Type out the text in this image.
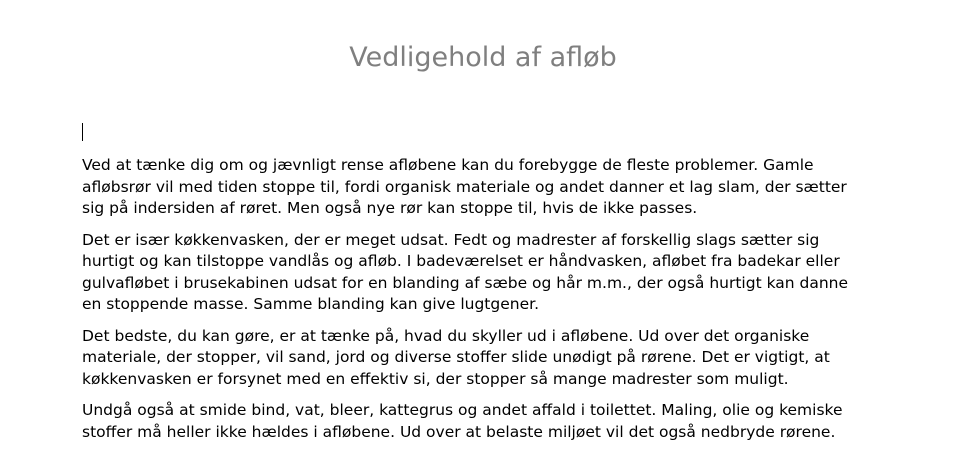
Vedligehold af afløb

Ved at tænke dig om og jævnligt rense afløbene kan du forebygge de fleste problemer. Gamle
afløbsrør vil med tiden stoppe til, fordi organisk materiale og andet danner et lag slam, der sætter
sig på indersiden af røret. Men også nye rør kan stoppe til, hvis de ikke passes.

Det er især køkkenvasken, der er meget udsat. Fedt og madrester af forskellig slags sætter sig
hurtigt og kan tilstoppe vandlås og afløb. I badeværelset er håndvasken, afløbet fra badekar eller
gulvafløbet i brusekabinen udsat for en blanding af sæbe og hår m.m., der også hurtigt kan danne
en stoppende masse. Samme blanding kan give lugtgener.

Det bedste, du kan gøre, er at tænke på, hvad du skyller ud i afløbene. Ud over det organiske
materiale, der stopper, vil sand, jord og diverse stoffer slide unødigt på rørene. Det er vigtigt, at
køkkenvasken er forsynet med en effektiv si, der stopper så mange madrester som muligt.

Undgå også at smide bind, vat, bleer, kattegrus og andet affald i toilettet. Maling, olie og kemiske
stoffer må heller ikke hældes i afløbene. Ud over at belaste miljøet vil det også nedbryde rørene.
